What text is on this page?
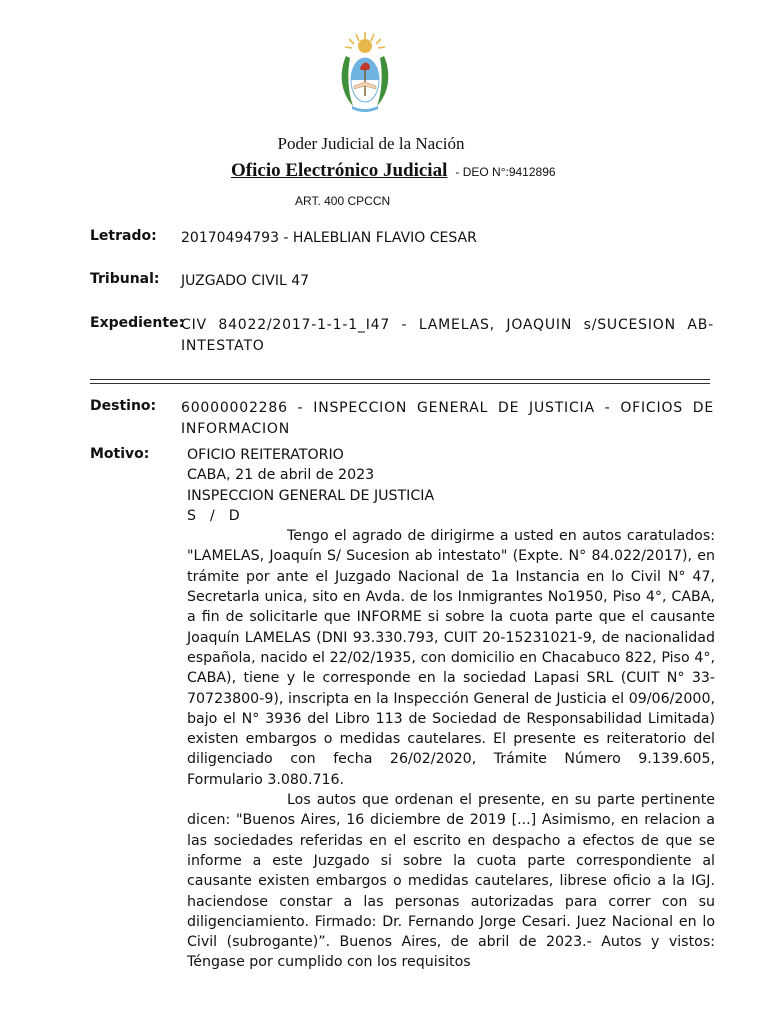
Poder Judicial de la Nación
Oficio Electrónico Judicial - DEO N°:9412896
ART. 400 CPCCN
Letrado: 20170494793 - HALEBLIAN FLAVIO CESAR
Tribunal: JUZGADO CIVIL 47
Expediente:
CIV 84022/2017-1-1-1_I47 - LAMELAS, JOAQUIN s/SUCESION AB-INTESTATO
Destino: 60000002286 - INSPECCION GENERAL DE JUSTICIA - OFICIOS DE INFORMACION
Motivo:	OFICIO REITERATORIO
CABA, 21 de abril de 2023
INSPECCION GENERAL DE JUSTICIA
S / D

Tengo el agrado de dirigirme a usted en autos caratulados: "LAMELAS, Joaquín S/ Sucesion ab intestato" (Expte. N° 84.022/2017), en trámite por ante el Juzgado Nacional de 1a Instancia en lo Civil N° 47, Secretarla unica, sito en Avda. de los Inmigrantes No1950, Piso 4°, CABA, a fin de solicitarle que INFORME si sobre la cuota parte que el causante Joaquín LAMELAS (DNI 93.330.793, CUIT 20-15231021-9, de nacionalidad española, nacido el 22/02/1935, con domicilio en Chacabuco 822, Piso 4°, CABA), tiene y le corresponde en la sociedad Lapasi SRL (CUIT N° 33-70723800-9), inscripta en la Inspección General de Justicia el 09/06/2000, bajo el N° 3936 del Libro 113 de Sociedad de Responsabilidad Limitada) existen embargos o medidas cautelares. El presente es reiteratorio del diligenciado con fecha 26/02/2020, Trámite Número 9.139.605, Formulario 3.080.716.

Los autos que ordenan el presente, en su parte pertinente dicen: "Buenos Aires, 16 diciembre de 2019 [...] Asimismo, en relacion a las sociedades referidas en el escrito en despacho a efectos de que se informe a este Juzgado si sobre la cuota parte correspondiente al causante existen embargos o medidas cautelares, librese oficio a la IGJ. haciendose constar a las personas autorizadas para correr con su diligenciamiento. Firmado: Dr. Fernando Jorge Cesari. Juez Nacional en lo Civil (subrogante)”. Buenos Aires, de abril de 2023.- Autos y vistos: Téngase por cumplido con los requisitos
